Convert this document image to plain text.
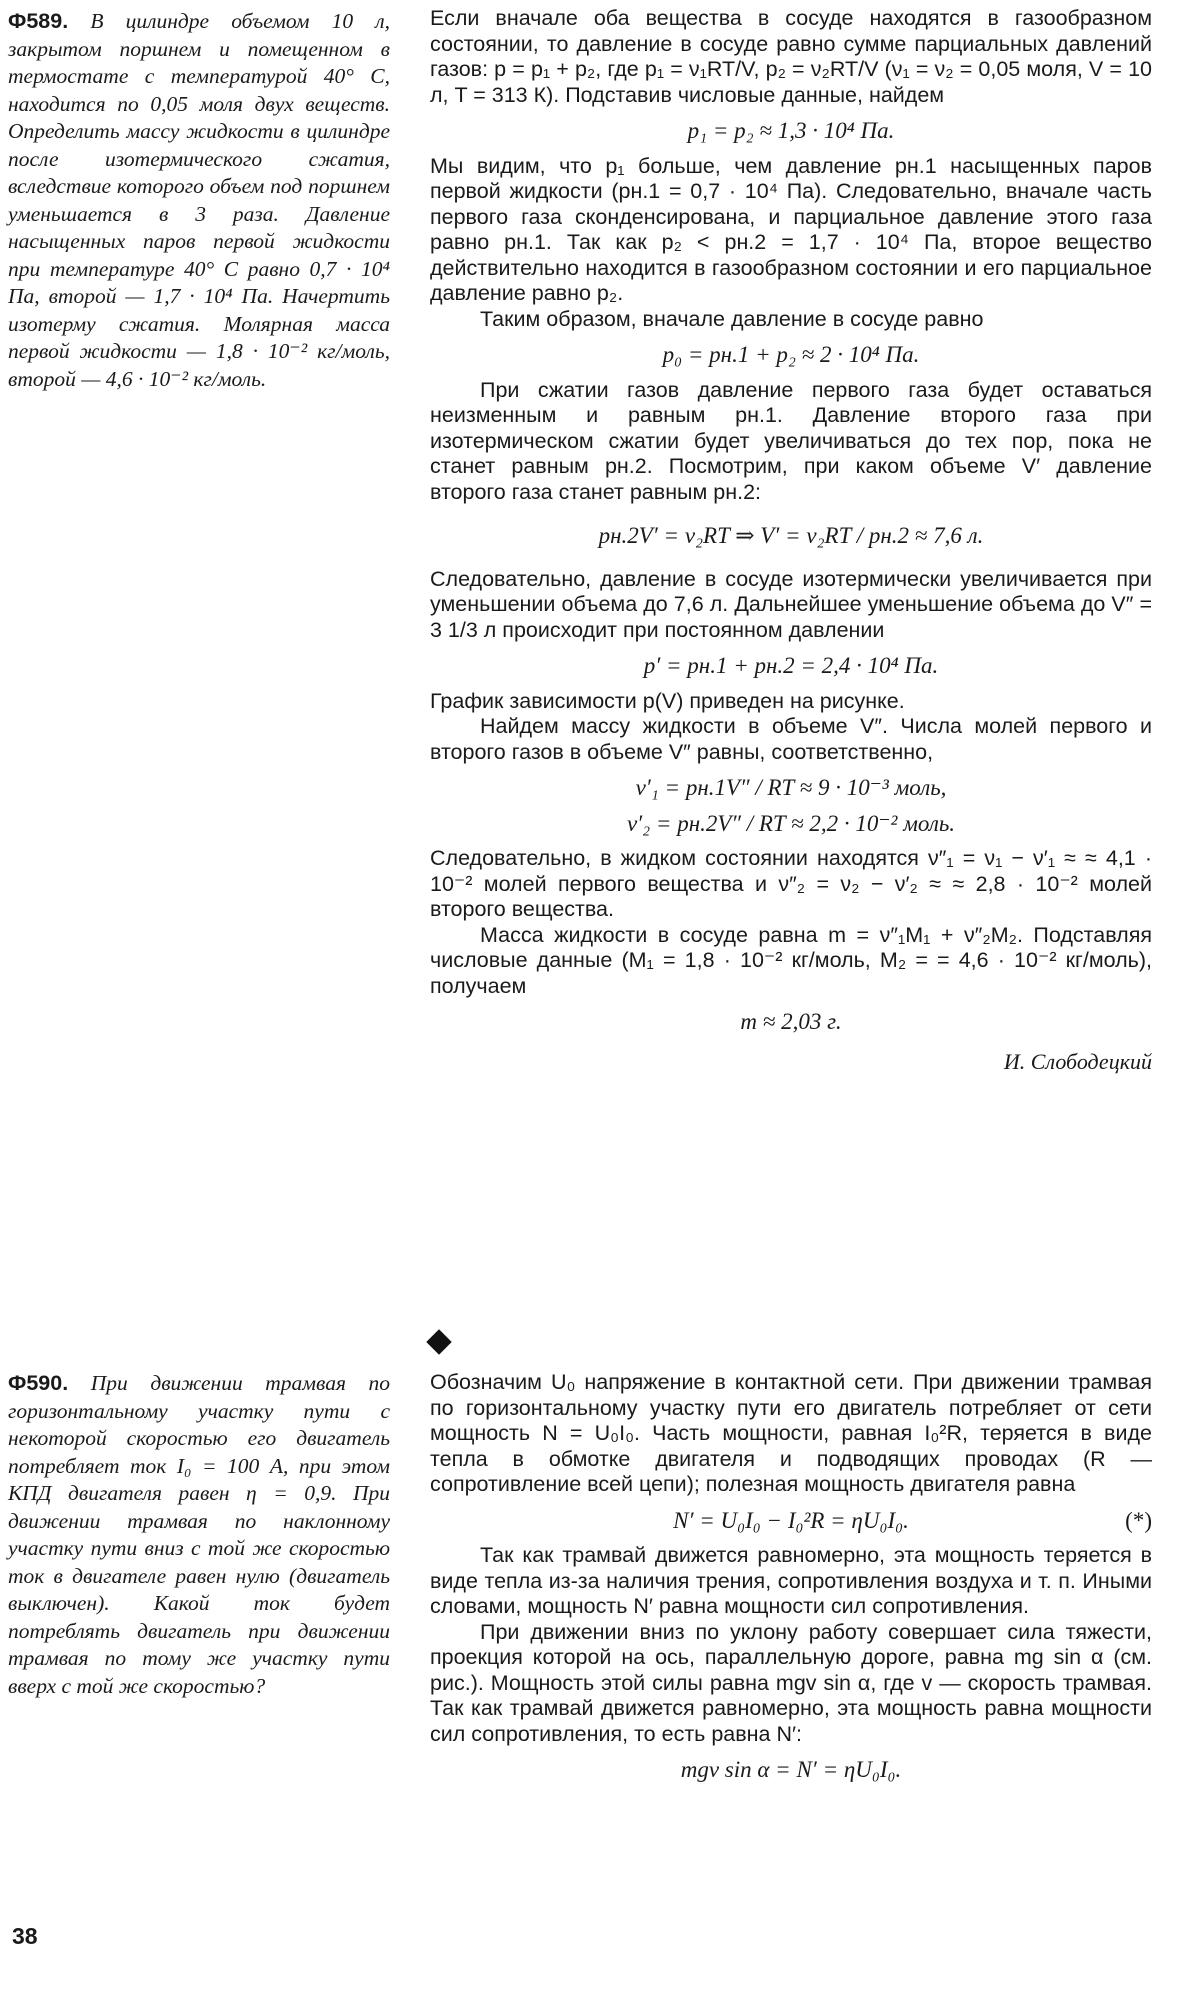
Ф589. В цилиндре объемом 10 л, закрытом поршнем и помещенном в термостате с температурой 40° С, находится по 0,05 моля двух веществ. Определить массу жидкости в цилиндре после изотермического сжатия, вследствие которого объем под поршнем уменьшается в 3 раза. Давление насыщенных паров первой жидкости при температуре 40° С равно 0,7 · 10⁴ Па, второй — 1,7 · 10⁴ Па. Начертить изотерму сжатия. Молярная масса первой жидкости — 1,8 · 10⁻² кг/моль, второй — 4,6 · 10⁻² кг/моль.

Если вначале оба вещества в сосуде находятся в газообразном состоянии, то давление в сосуде равно сумме парциальных давлений газов: p = p₁ + p₂, где p₁ = ν₁RT/V, p₂ = ν₂RT/V (ν₁ = ν₂ = 0,05 моля, V = 10 л, T = 313 К). Подставив числовые данные, найдем

p₁ = p₂ ≈ 1,3 · 10⁴ Па.

Мы видим, что p₁ больше, чем давление pн.1 насыщенных паров первой жидкости (pн.1 = 0,7 · 10⁴ Па). Следовательно, вначале часть первого газа сконденсирована, и парциальное давление этого газа равно pн.1. Так как p₂ < pн.2 = 1,7 · 10⁴ Па, второе вещество действительно находится в газообразном состоянии и его парциальное давление равно p₂.

Таким образом, вначале давление в сосуде равно

p₀ = pн.1 + p₂ ≈ 2 · 10⁴ Па.

При сжатии газов давление первого газа будет оставаться неизменным и равным pн.1. Давление второго газа при изотермическом сжатии будет увеличиваться до тех пор, пока не станет равным pн.2. Посмотрим, при каком объеме V′ давление второго газа станет равным pн.2:

pн.2V′ = ν₂RT ⇒ V′ = ν₂RT / pн.2 ≈ 7,6 л.

Следовательно, давление в сосуде изотермически увеличивается при уменьшении объема до 7,6 л. Дальнейшее уменьшение объема до V″ = 3 1/3 л происходит при постоянном давлении

p′ = pн.1 + pн.2 = 2,4 · 10⁴ Па.

График зависимости p(V) приведен на рисунке.

Найдем массу жидкости в объеме V″. Числа молей первого и второго газов в объеме V″ равны, соответственно,

ν′₁ = pн.1V″ / RT ≈ 9 · 10⁻³ моль,
ν′₂ = pн.2V″ / RT ≈ 2,2 · 10⁻² моль.

Следовательно, в жидком состоянии находятся ν″₁ = ν₁ − ν′₁ ≈ ≈ 4,1 · 10⁻² молей первого вещества и ν″₂ = ν₂ − ν′₂ ≈ ≈ 2,8 · 10⁻² молей второго вещества.

Масса жидкости в сосуде равна m = ν″₁M₁ + ν″₂M₂. Подставляя числовые данные (M₁ = 1,8 · 10⁻² кг/моль, M₂ = = 4,6 · 10⁻² кг/моль), получаем

m ≈ 2,03 г.
И. Слободецкий
Ф590. При движении трамвая по горизонтальному участку пути с некоторой скоростью его двигатель потребляет ток I₀ = 100 А, при этом КПД двигателя равен η = 0,9. При движении трамвая по наклонному участку пути вниз с той же скоростью ток в двигателе равен нулю (двигатель выключен). Какой ток будет потреблять двигатель при движении трамвая по тому же участку пути вверх с той же скоростью?

Обозначим U₀ напряжение в контактной сети. При движении трамвая по горизонтальному участку пути его двигатель потребляет от сети мощность N = U₀I₀. Часть мощности, равная I₀²R, теряется в виде тепла в обмотке двигателя и подводящих проводах (R — сопротивление всей цепи); полезная мощность двигателя равна

N′ = U₀I₀ − I₀²R = ηU₀I₀.	(*)

Так как трамвай движется равномерно, эта мощность теряется в виде тепла из-за наличия трения, сопротивления воздуха и т. п. Иными словами, мощность N′ равна мощности сил сопротивления.

При движении вниз по уклону работу совершает сила тяжести, проекция которой на ось, параллельную дороге, равна mg sin α (см. рис.). Мощность этой силы равна mgv sin α, где v — скорость трамвая. Так как трамвай движется равномерно, эта мощность равна мощности сил сопротивления, то есть равна N′:

mgv sin α = N′ = ηU₀I₀.
38
